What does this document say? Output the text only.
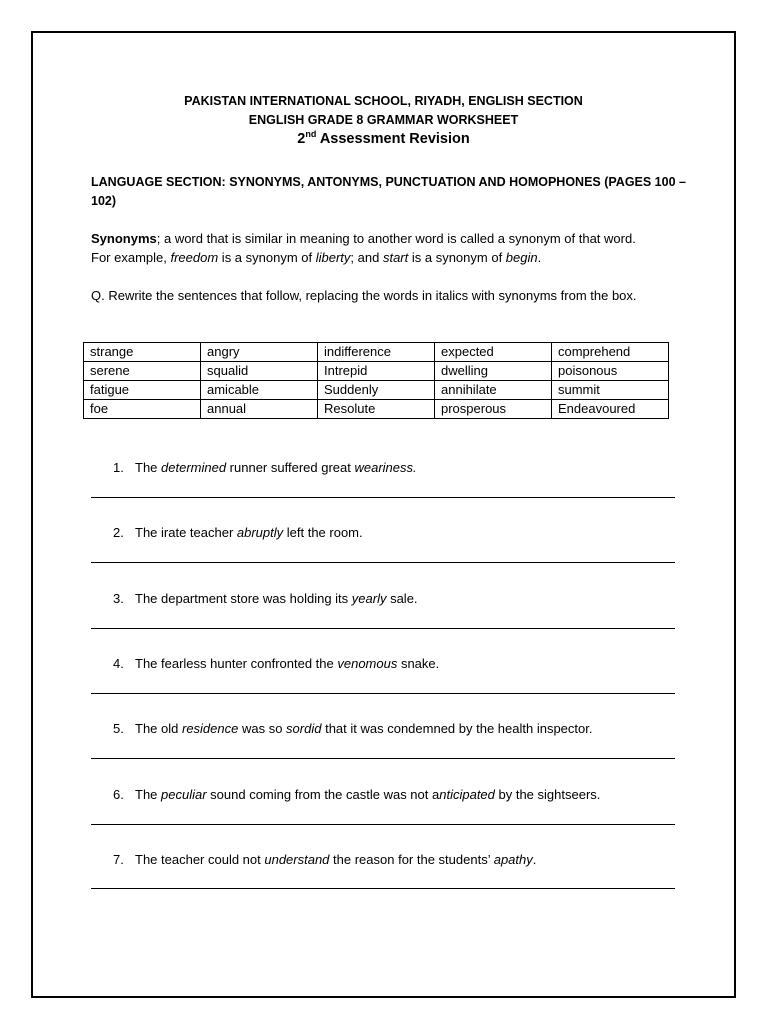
PAKISTAN INTERNATIONAL SCHOOL, RIYADH, ENGLISH SECTION
ENGLISH GRADE 8 GRAMMAR WORKSHEET
2nd Assessment Revision
LANGUAGE SECTION: SYNONYMS, ANTONYMS, PUNCTUATION AND HOMOPHONES (PAGES 100 – 102)
Synonyms; a word that is similar in meaning to another word is called a synonym of that word.
For example, freedom is a synonym of liberty; and start is a synonym of begin.
Q. Rewrite the sentences that follow, replacing the words in italics with synonyms from the box.
strange	angry	indifference	expected	comprehend
serene	squalid	Intrepid	dwelling	poisonous
fatigue	amicable	Suddenly	annihilate	summit
foe	annual	Resolute	prosperous	Endeavoured
1. The determined runner suffered great weariness.
2. The irate teacher abruptly left the room.
3. The department store was holding its yearly sale.
4. The fearless hunter confronted the venomous snake.
5. The old residence was so sordid that it was condemned by the health inspector.
6. The peculiar sound coming from the castle was not anticipated by the sightseers.
7. The teacher could not understand the reason for the students’ apathy.
